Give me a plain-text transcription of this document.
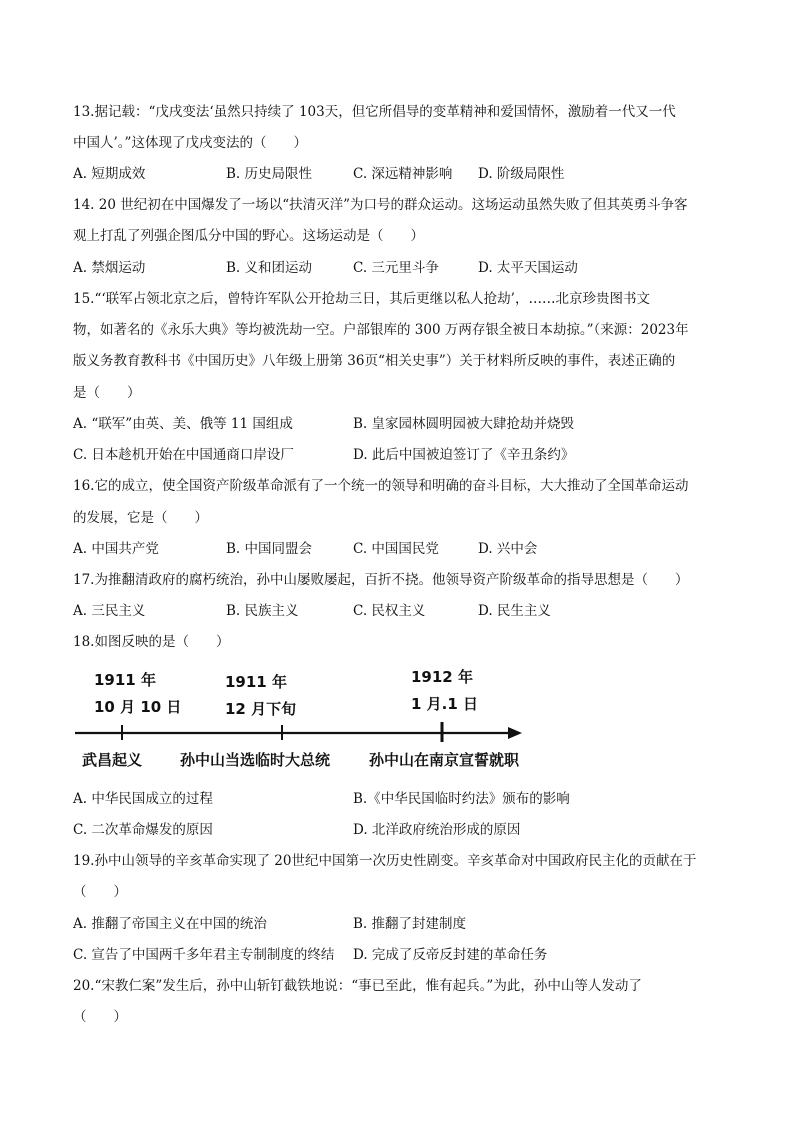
13.据记载：“戊戌变法‘虽然只持续了 103天，但它所倡导的变革精神和爱国情怀，激励着一代又一代
中国人’。”这体现了戊戌变法的（　　）
A. 短期成效	B. 历史局限性	C. 深远精神影响 D. 阶级局限性
14. 20 世纪初在中国爆发了一场以“扶清灭洋”为口号的群众运动。这场运动虽然失败了但其英勇斗争客
观上打乱了列强企图瓜分中国的野心。这场运动是（　　）
A. 禁烟运动	B. 义和团运动	C. 三元里斗争	D. 太平天国运动
15.“‘联军占领北京之后，曾特许军队公开抢劫三日，其后更继以私人抢劫’，……北京珍贵图书文
物，如著名的《永乐大典》等均被洗劫一空。户部银库的 300 万两存银全被日本劫掠。”（来源：2023年
版义务教育教科书《中国历史》八年级上册第 36页“相关史事”）关于材料所反映的事件，表述正确的
是（　　）
A. “联军”由英、美、俄等 11 国组成	B. 皇家园林圆明园被大肆抢劫并烧毁
C. 日本趁机开始在中国通商口岸设厂	D. 此后中国被迫签订了《辛丑条约》
16.它的成立，使全国资产阶级革命派有了一个统一的领导和明确的奋斗目标，大大推动了全国革命运动
的发展，它是（　　）
A. 中国共产党	B. 中国同盟会	C. 中国国民党	D. 兴中会
17.为推翻清政府的腐朽统治，孙中山屡败屡起，百折不挠。他领导资产阶级革命的指导思想是（　　）
A. 三民主义	B. 民族主义	C. 民权主义	D. 民生主义
18.如图反映的是（　　）
1911 年
10 月 10 日
1911 年
12 月下旬
1912 年
1 月.1 日
武昌起义	孙中山当选临时大总统	孙中山在南京宣誓就职
A. 中华民国成立的过程	B.《中华民国临时约法》颁布的影响
C. 二次革命爆发的原因	D. 北洋政府统治形成的原因
19.孙中山领导的辛亥革命实现了 20世纪中国第一次历史性剧变。辛亥革命对中国政府民主化的贡献在于
（　　）
A. 推翻了帝国主义在中国的统治	B. 推翻了封建制度
C. 宣告了中国两千多年君主专制制度的终结 D. 完成了反帝反封建的革命任务
20.“宋教仁案”发生后，孙中山斩钉截铁地说：“事已至此，惟有起兵。”为此，孙中山等人发动了
（　　）
